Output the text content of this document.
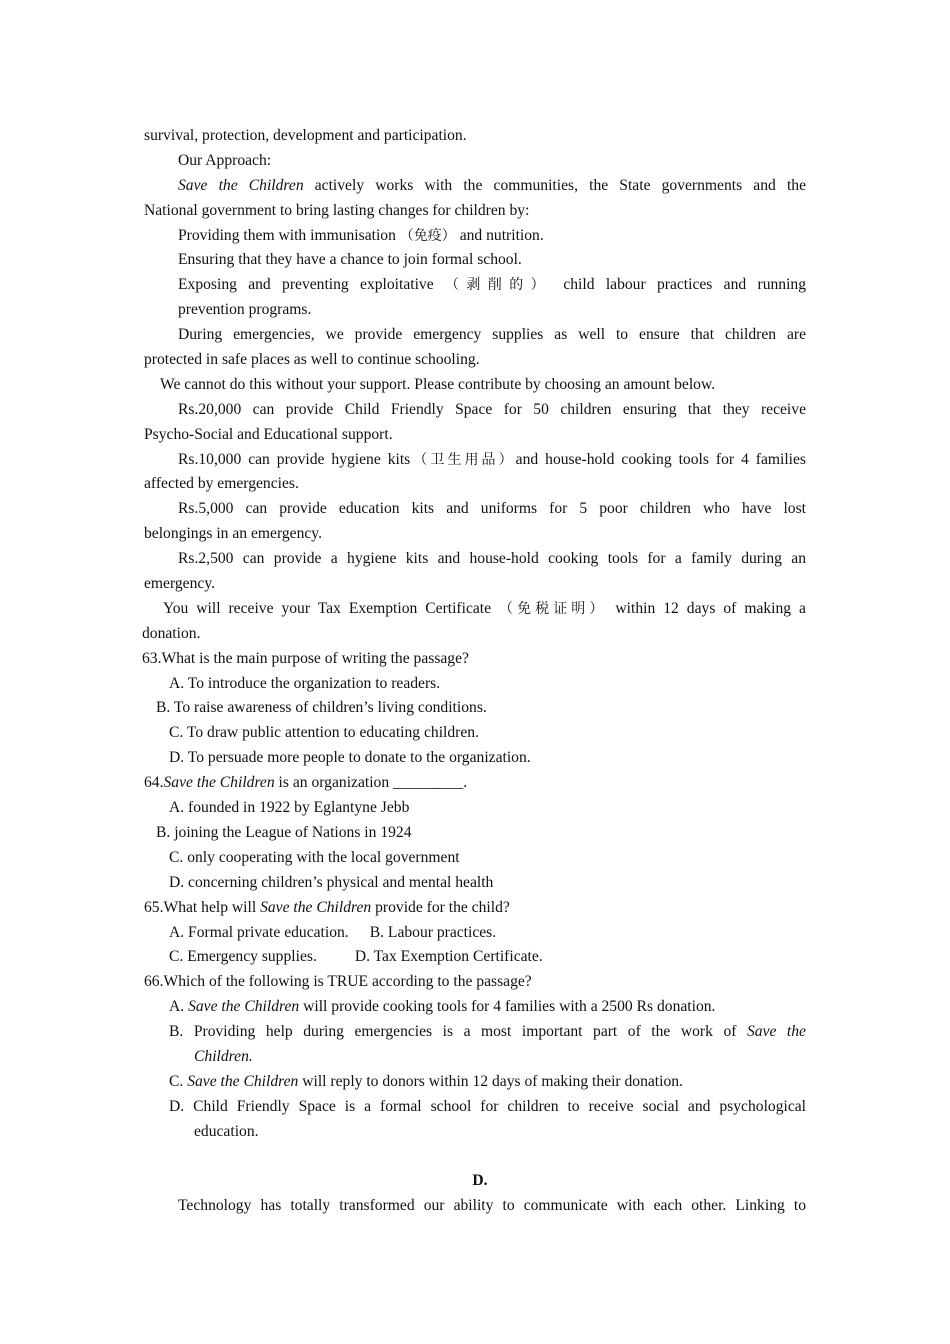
survival, protection, development and participation.
Our Approach:
Save the Children actively works with the communities, the State governments and the
National government to bring lasting changes for children by:
Providing them with immunisation （免疫） and nutrition.
Ensuring that they have a chance to join formal school.
Exposing and preventing exploitative （剥削的） child labour practices and running
prevention programs.
During emergencies, we provide emergency supplies as well to ensure that children are
protected in safe places as well to continue schooling.
We cannot do this without your support. Please contribute by choosing an amount below.
Rs.20,000 can provide Child Friendly Space for 50 children ensuring that they receive
Psycho-Social and Educational support.
Rs.10,000 can provide hygiene kits（卫生用品）and house-hold cooking tools for 4 families
affected by emergencies.
Rs.5,000 can provide education kits and uniforms for 5 poor children who have lost
belongings in an emergency.
Rs.2,500 can provide a hygiene kits and house-hold cooking tools for a family during an
emergency.
You will receive your Tax Exemption Certificate （免税证明） within 12 days of making a
donation.
63.What is the main purpose of writing the passage?
A. To introduce the organization to readers.
B. To raise awareness of children’s living conditions.
C. To draw public attention to educating children.
D. To persuade more people to donate to the organization.
64.Save the Children is an organization _________.
A. founded in 1922 by Eglantyne Jebb
B. joining the League of Nations in 1924
C. only cooperating with the local government
D. concerning children’s physical and mental health
65.What help will Save the Children provide for the child?
A. Formal private education. B. Labour practices.
C. Emergency supplies. D. Tax Exemption Certificate.
66.Which of the following is TRUE according to the passage?
A. Save the Children will provide cooking tools for 4 families with a 2500 Rs donation.
B. Providing help during emergencies is a most important part of the work of Save the
Children.
C. Save the Children will reply to donors within 12 days of making their donation.
D. Child Friendly Space is a formal school for children to receive social and psychological
education.
D.
Technology has totally transformed our ability to communicate with each other. Linking to
